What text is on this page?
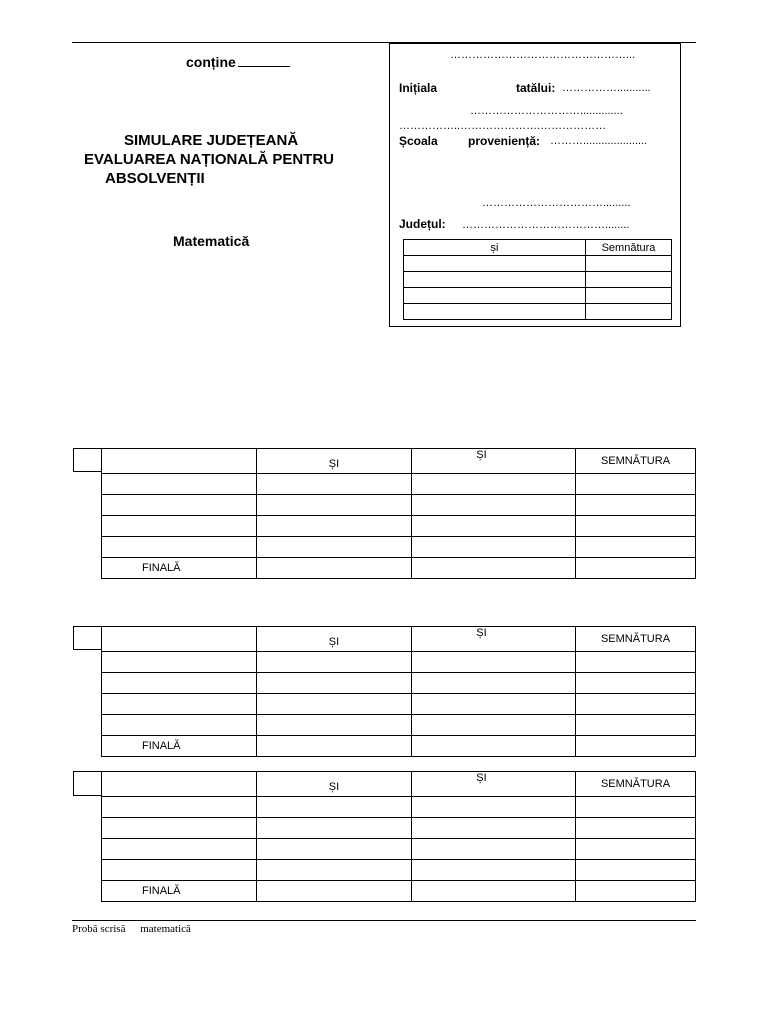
conține
SIMULARE JUDEȚEANĂ
EVALUAREA NAȚIONALĂ PENTRU
ABSOLVENȚII
Matematică
…………………………………………...
Inițiala	tatălui: ……………...........
…………………………..............
……………..………………….………………
Școala	proveniență: ……….....................
…………………………….........
Județul: …………………………………........
și	Semnătura

	ȘI	ȘI	SEMNĂTURA

FINALĂ			
	ȘI	ȘI	SEMNĂTURA

FINALĂ			
	ȘI	ȘI	SEMNĂTURA

FINALĂ			
Probă scrisă matematică
